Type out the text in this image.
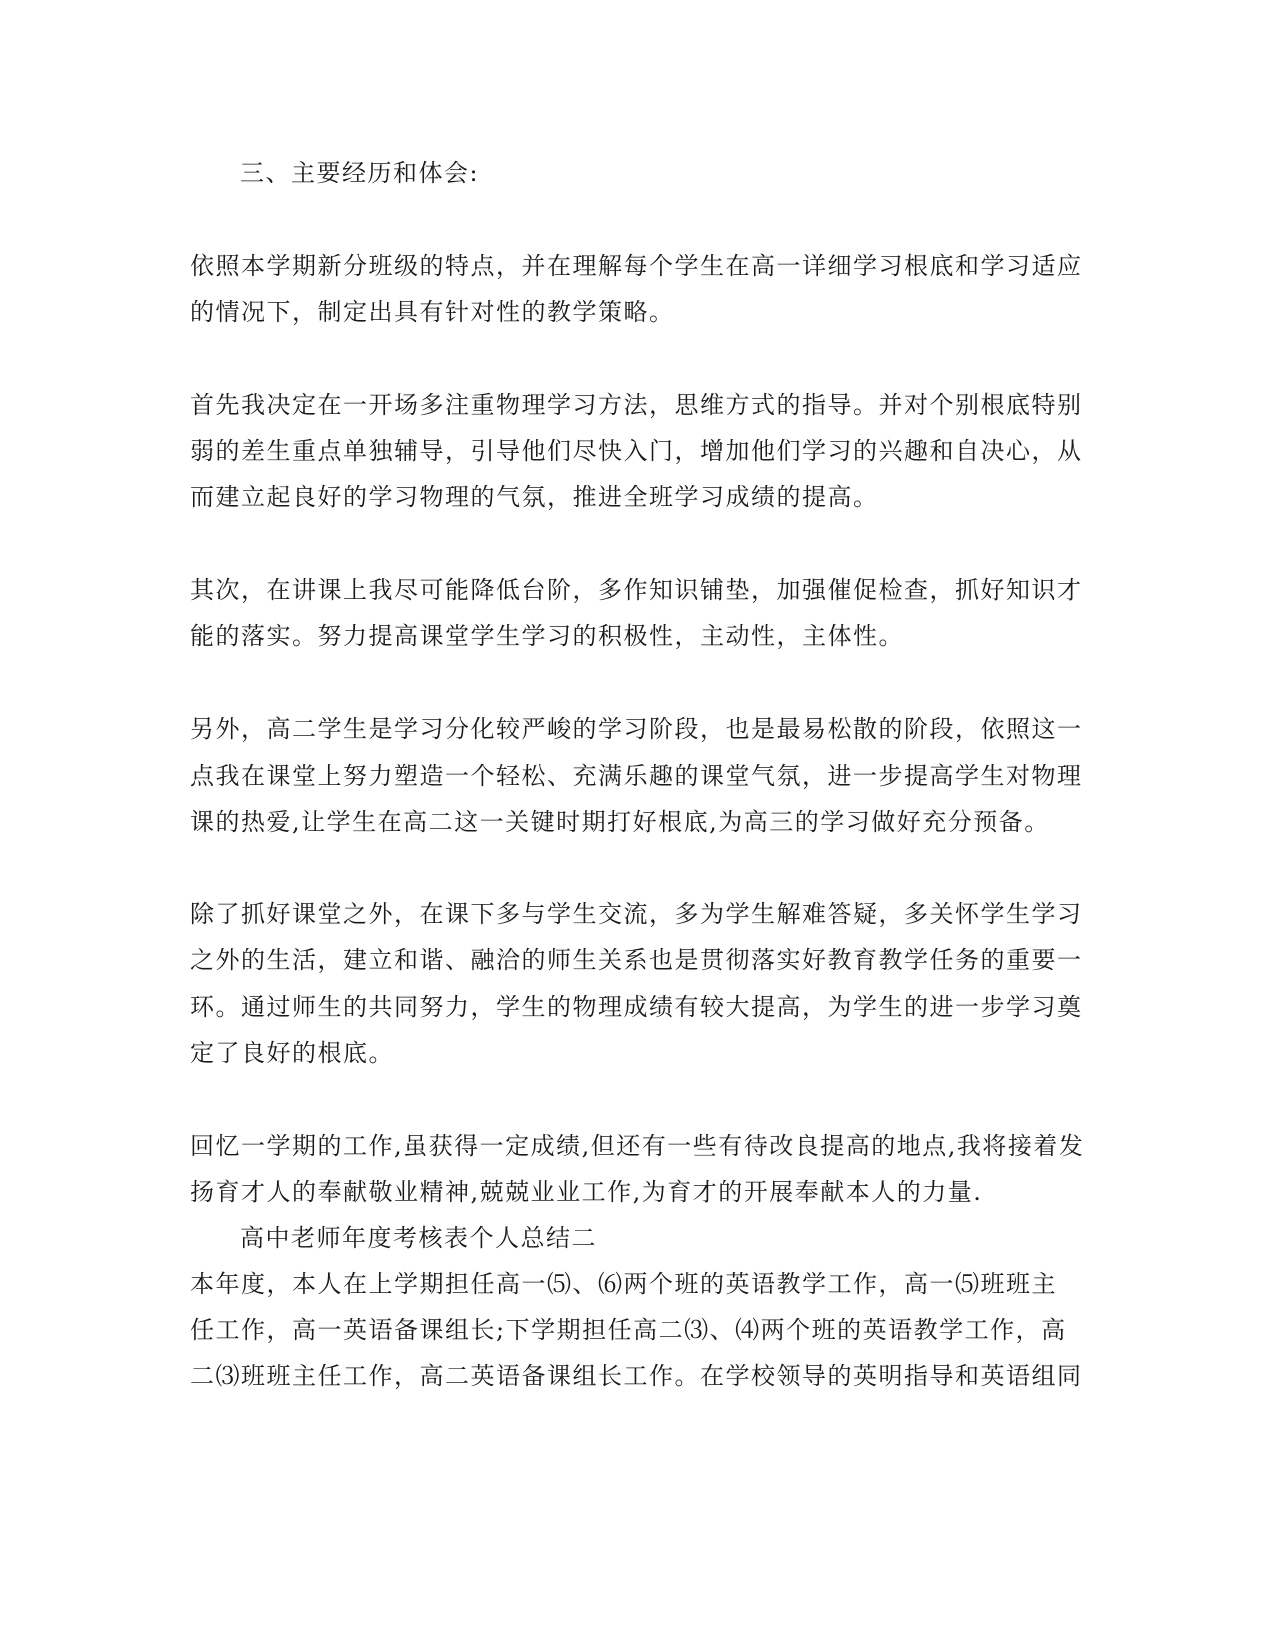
三、主要经历和体会:
依照本学期新分班级的特点，并在理解每个学生在高一详细学习根底和学习适应
的情况下，制定出具有针对性的教学策略。
首先我决定在一开场多注重物理学习方法，思维方式的指导。并对个别根底特别
弱的差生重点单独辅导，引导他们尽快入门，增加他们学习的兴趣和自决心，从
而建立起良好的学习物理的气氛，推进全班学习成绩的提高。
其次，在讲课上我尽可能降低台阶，多作知识铺垫，加强催促检查，抓好知识才
能的落实。努力提高课堂学生学习的积极性，主动性，主体性。
另外，高二学生是学习分化较严峻的学习阶段，也是最易松散的阶段，依照这一
点我在课堂上努力塑造一个轻松、充满乐趣的课堂气氛，进一步提高学生对物理
课的热爱,让学生在高二这一关键时期打好根底,为高三的学习做好充分预备。
除了抓好课堂之外，在课下多与学生交流，多为学生解难答疑，多关怀学生学习
之外的生活，建立和谐、融洽的师生关系也是贯彻落实好教育教学任务的重要一
环。通过师生的共同努力，学生的物理成绩有较大提高，为学生的进一步学习奠
定了良好的根底。
回忆一学期的工作,虽获得一定成绩,但还有一些有待改良提高的地点,我将接着发
扬育才人的奉献敬业精神,兢兢业业工作,为育才的开展奉献本人的力量.
高中老师年度考核表个人总结二
本年度，本人在上学期担任高一⑸、⑹两个班的英语教学工作，高一⑸班班主
任工作，高一英语备课组长;下学期担任高二⑶、⑷两个班的英语教学工作，高
二⑶班班主任工作，高二英语备课组长工作。在学校领导的英明指导和英语组同
